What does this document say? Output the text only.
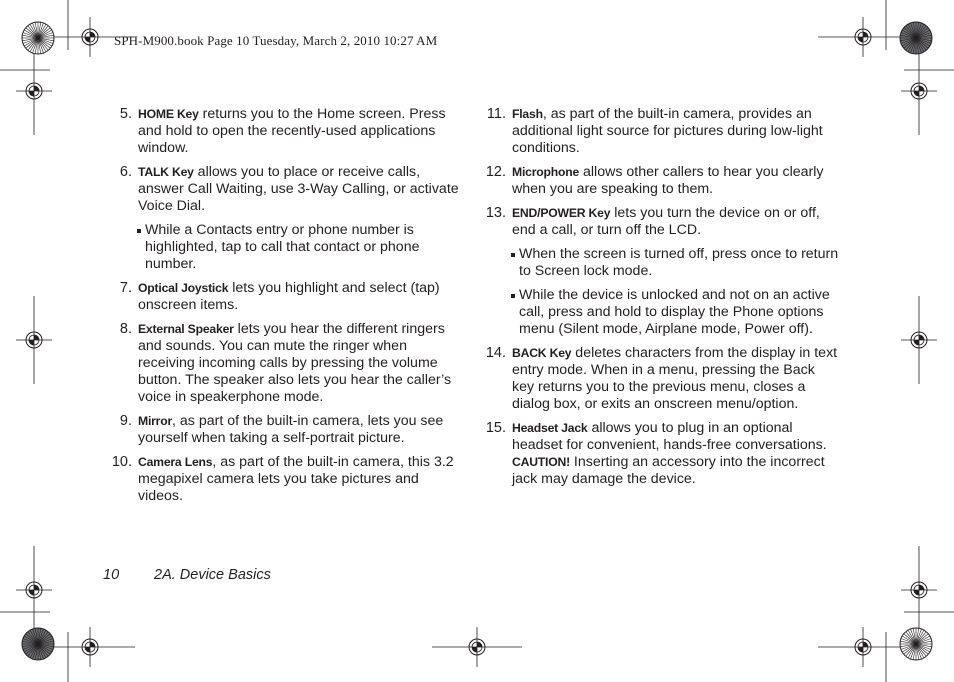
SPH-M900.book Page 10 Tuesday, March 2, 2010 10:27 AM
5. HOME Key returns you to the Home screen. Press and hold to open the recently-used applications window.
6. TALK Key allows you to place or receive calls, answer Call Waiting, use 3-Way Calling, or activate Voice Dial.
While a Contacts entry or phone number is highlighted, tap to call that contact or phone number.
7. Optical Joystick lets you highlight and select (tap) onscreen items.
8. External Speaker lets you hear the different ringers and sounds. You can mute the ringer when receiving incoming calls by pressing the volume button. The speaker also lets you hear the caller’s voice in speakerphone mode.
9. Mirror, as part of the built-in camera, lets you see yourself when taking a self-portrait picture.
10. Camera Lens, as part of the built-in camera, this 3.2 megapixel camera lets you take pictures and videos.
11. Flash, as part of the built-in camera, provides an additional light source for pictures during low-light conditions.
12. Microphone allows other callers to hear you clearly when you are speaking to them.
13. END/POWER Key lets you turn the device on or off, end a call, or turn off the LCD.
When the screen is turned off, press once to return to Screen lock mode.
While the device is unlocked and not on an active call, press and hold to display the Phone options menu (Silent mode, Airplane mode, Power off).
14. BACK Key deletes characters from the display in text entry mode. When in a menu, pressing the Back key returns you to the previous menu, closes a dialog box, or exits an onscreen menu/option.
15. Headset Jack allows you to plug in an optional headset for convenient, hands-free conversations.
CAUTION! Inserting an accessory into the incorrect jack may damage the device.
10 2A. Device Basics
